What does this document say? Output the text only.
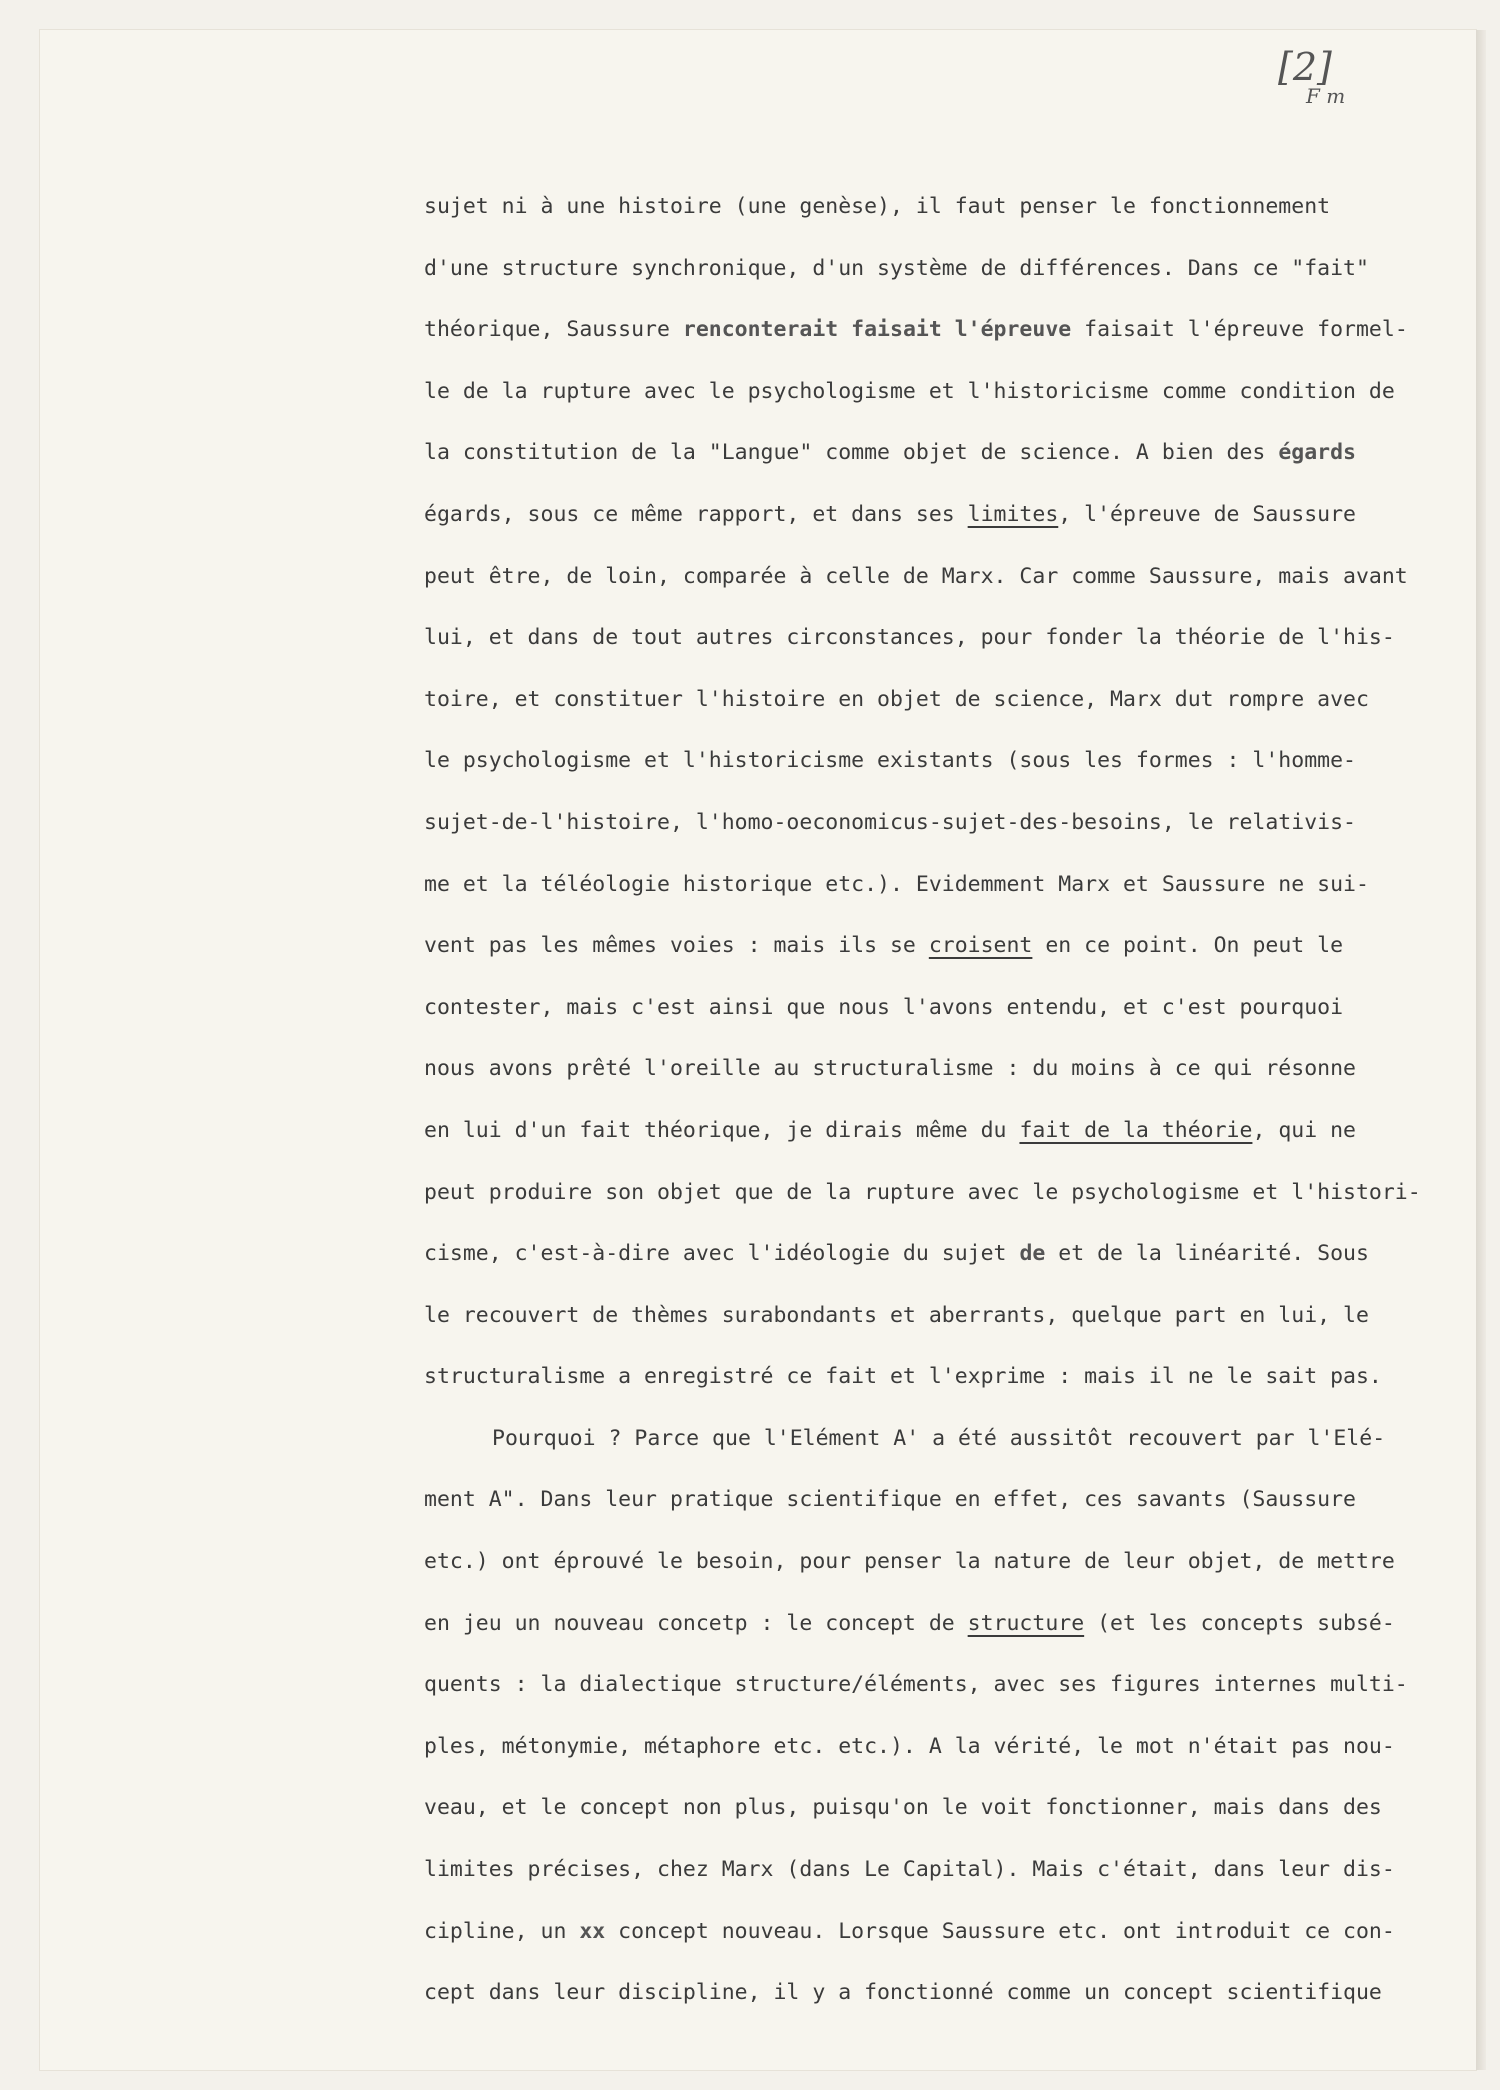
[2]
F m
sujet ni à une histoire (une genèse), il faut penser le fonctionnement
d'une structure synchronique, d'un système de différences. Dans ce "fait"
théorique, Saussure renconterait faisait l'épreuve faisait l'épreuve formel-
le de la rupture avec le psychologisme et l'historicisme comme condition de
la constitution de la "Langue" comme objet de science. A bien des égards
égards, sous ce même rapport, et dans ses limites, l'épreuve de Saussure
peut être, de loin, comparée à celle de Marx. Car comme Saussure, mais avant
lui, et dans de tout autres circonstances, pour fonder la théorie de l'his-
toire, et constituer l'histoire en objet de science, Marx dut rompre avec
le psychologisme et l'historicisme existants (sous les formes : l'homme-
sujet-de-l'histoire, l'homo-oeconomicus-sujet-des-besoins, le relativis-
me et la téléologie historique etc.). Evidemment Marx et Saussure ne sui-
vent pas les mêmes voies : mais ils se croisent en ce point. On peut le
contester, mais c'est ainsi que nous l'avons entendu, et c'est pourquoi
nous avons prêté l'oreille au structuralisme : du moins à ce qui résonne
en lui d'un fait théorique, je dirais même du fait de la théorie, qui ne
peut produire son objet que de la rupture avec le psychologisme et l'histori-
cisme, c'est-à-dire avec l'idéologie du sujet de et de la linéarité. Sous
le recouvert de thèmes surabondants et aberrants, quelque part en lui, le
structuralisme a enregistré ce fait et l'exprime : mais il ne le sait pas.
Pourquoi ? Parce que l'Elément A' a été aussitôt recouvert par l'Elé-
ment A". Dans leur pratique scientifique en effet, ces savants (Saussure
etc.) ont éprouvé le besoin, pour penser la nature de leur objet, de mettre
en jeu un nouveau concetp : le concept de structure (et les concepts subsé-
quents : la dialectique structure/éléments, avec ses figures internes multi-
ples, métonymie, métaphore etc. etc.). A la vérité, le mot n'était pas nou-
veau, et le concept non plus, puisqu'on le voit fonctionner, mais dans des
limites précises, chez Marx (dans Le Capital). Mais c'était, dans leur dis-
cipline, un xx concept nouveau. Lorsque Saussure etc. ont introduit ce con-
cept dans leur discipline, il y a fonctionné comme un concept scientifique
